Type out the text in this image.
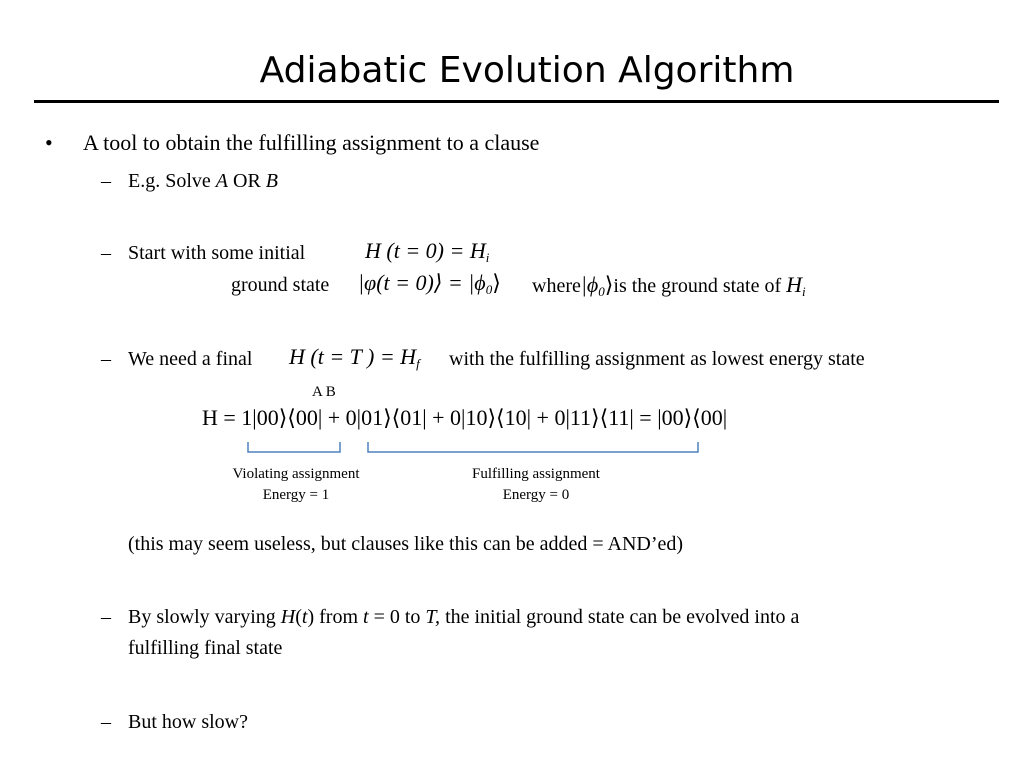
Adiabatic Evolution Algorithm
• A tool to obtain the fulfilling assignment to a clause
– E.g. Solve A OR B
– Start with some initial	H $(t = 0) = H_i$
ground state |φ(t = 0)⟩ = $|\phi_0⟩$ $where|\phi_0⟩is$ the ground state of $H_i$
– We need a final H (t = T ) = $H_f$ with the fulfilling assignment as lowest energy state
A B
H = 1|00⟩⟨00| + 0|01⟩⟨01| + 0|10⟩⟨10| + 0|11⟩⟨11| = |00⟩⟨00|
Violating assignment
Energy = 1
Fulfilling assignment
Energy = 0
(this may seem useless, but clauses like this can be added = AND’ed)
– By slowly varying H(t) from t = 0 to T, the initial ground state can be evolved into a
fulfilling final state
– But how slow?
